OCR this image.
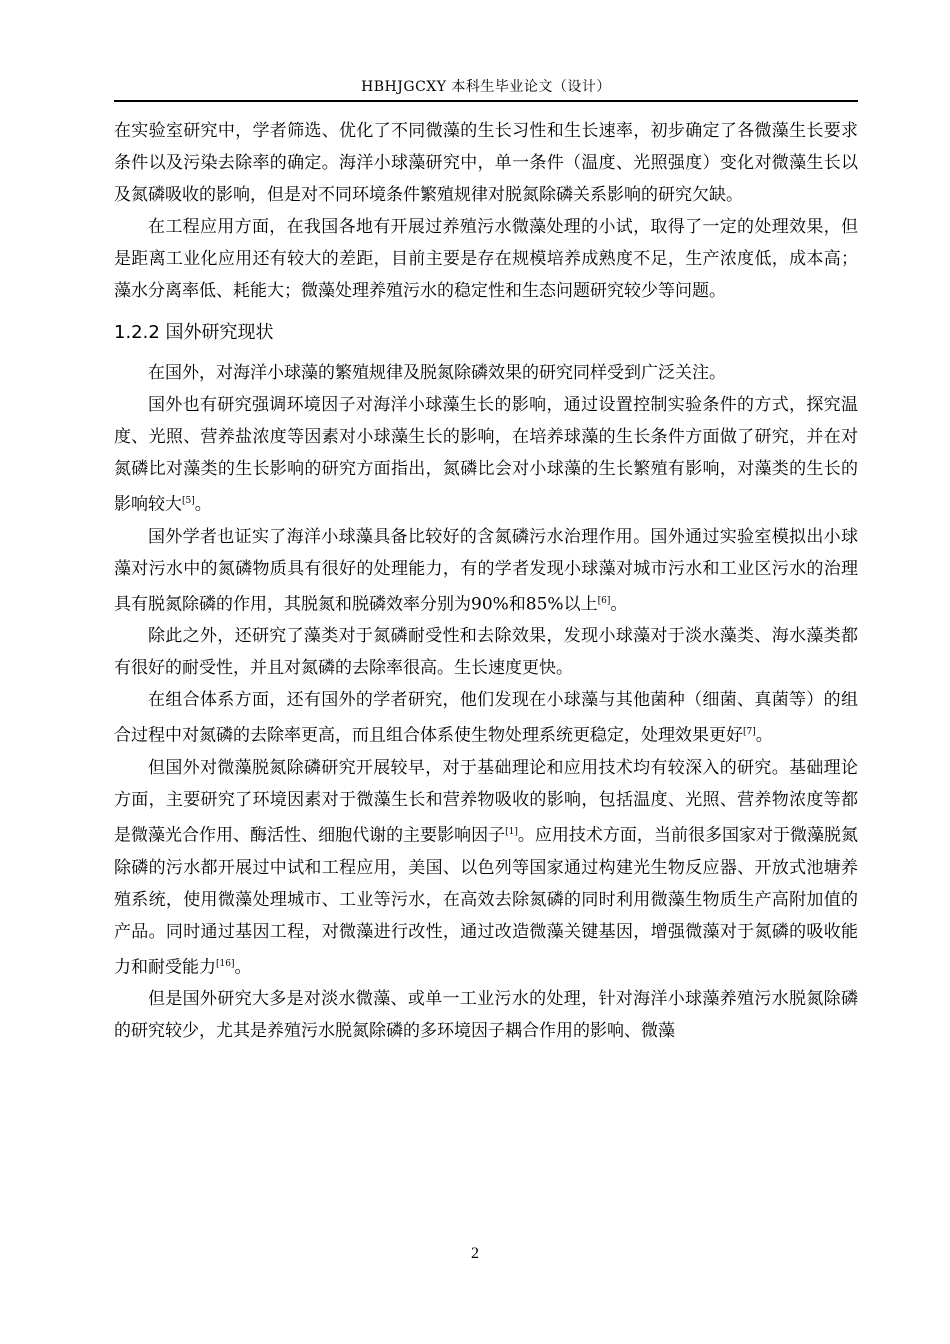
HBHJGCXY 本科生毕业论文（设计）

在实验室研究中，学者筛选、优化了不同微藻的生长习性和生长速率，初步确定了各微藻生长要求条件以及污染去除率的确定。海洋小球藻研究中，单一条件（温度、光照强度）变化对微藻生长以及氮磷吸收的影响，但是对不同环境条件繁殖规律对脱氮除磷关系影响的研究欠缺。

在工程应用方面，在我国各地有开展过养殖污水微藻处理的小试，取得了一定的处理效果，但是距离工业化应用还有较大的差距，目前主要是存在规模培养成熟度不足，生产浓度低，成本高；藻水分离率低、耗能大；微藻处理养殖污水的稳定性和生态问题研究较少等问题。

1.2.2 国外研究现状

在国外，对海洋小球藻的繁殖规律及脱氮除磷效果的研究同样受到广泛关注。

国外也有研究强调环境因子对海洋小球藻生长的影响，通过设置控制实验条件的方式，探究温度、光照、营养盐浓度等因素对小球藻生长的影响，在培养球藻的生长条件方面做了研究，并在对氮磷比对藻类的生长影响的研究方面指出，氮磷比会对小球藻的生长繁殖有影响，对藻类的生长的影响较大[5]。

国外学者也证实了海洋小球藻具备比较好的含氮磷污水治理作用。国外通过实验室模拟出小球藻对污水中的氮磷物质具有很好的处理能力，有的学者发现小球藻对城市污水和工业区污水的治理具有脱氮除磷的作用，其脱氮和脱磷效率分别为90%和85%以上[6]。

除此之外，还研究了藻类对于氮磷耐受性和去除效果，发现小球藻对于淡水藻类、海水藻类都有很好的耐受性，并且对氮磷的去除率很高。生长速度更快。

在组合体系方面，还有国外的学者研究，他们发现在小球藻与其他菌种（细菌、真菌等）的组合过程中对氮磷的去除率更高，而且组合体系使生物处理系统更稳定，处理效果更好[7]。

但国外对微藻脱氮除磷研究开展较早，对于基础理论和应用技术均有较深入的研究。基础理论方面，主要研究了环境因素对于微藻生长和营养物吸收的影响，包括温度、光照、营养物浓度等都是微藻光合作用、酶活性、细胞代谢的主要影响因子[1]。应用技术方面，当前很多国家对于微藻脱氮除磷的污水都开展过中试和工程应用，美国、以色列等国家通过构建光生物反应器、开放式池塘养殖系统，使用微藻处理城市、工业等污水，在高效去除氮磷的同时利用微藻生物质生产高附加值的产品。同时通过基因工程，对微藻进行改性，通过改造微藻关键基因，增强微藻对于氮磷的吸收能力和耐受能力[16]。

但是国外研究大多是对淡水微藻、或单一工业污水的处理，针对海洋小球藻养殖污水脱氮除磷的研究较少，尤其是养殖污水脱氮除磷的多环境因子耦合作用的影响、微藻

2
